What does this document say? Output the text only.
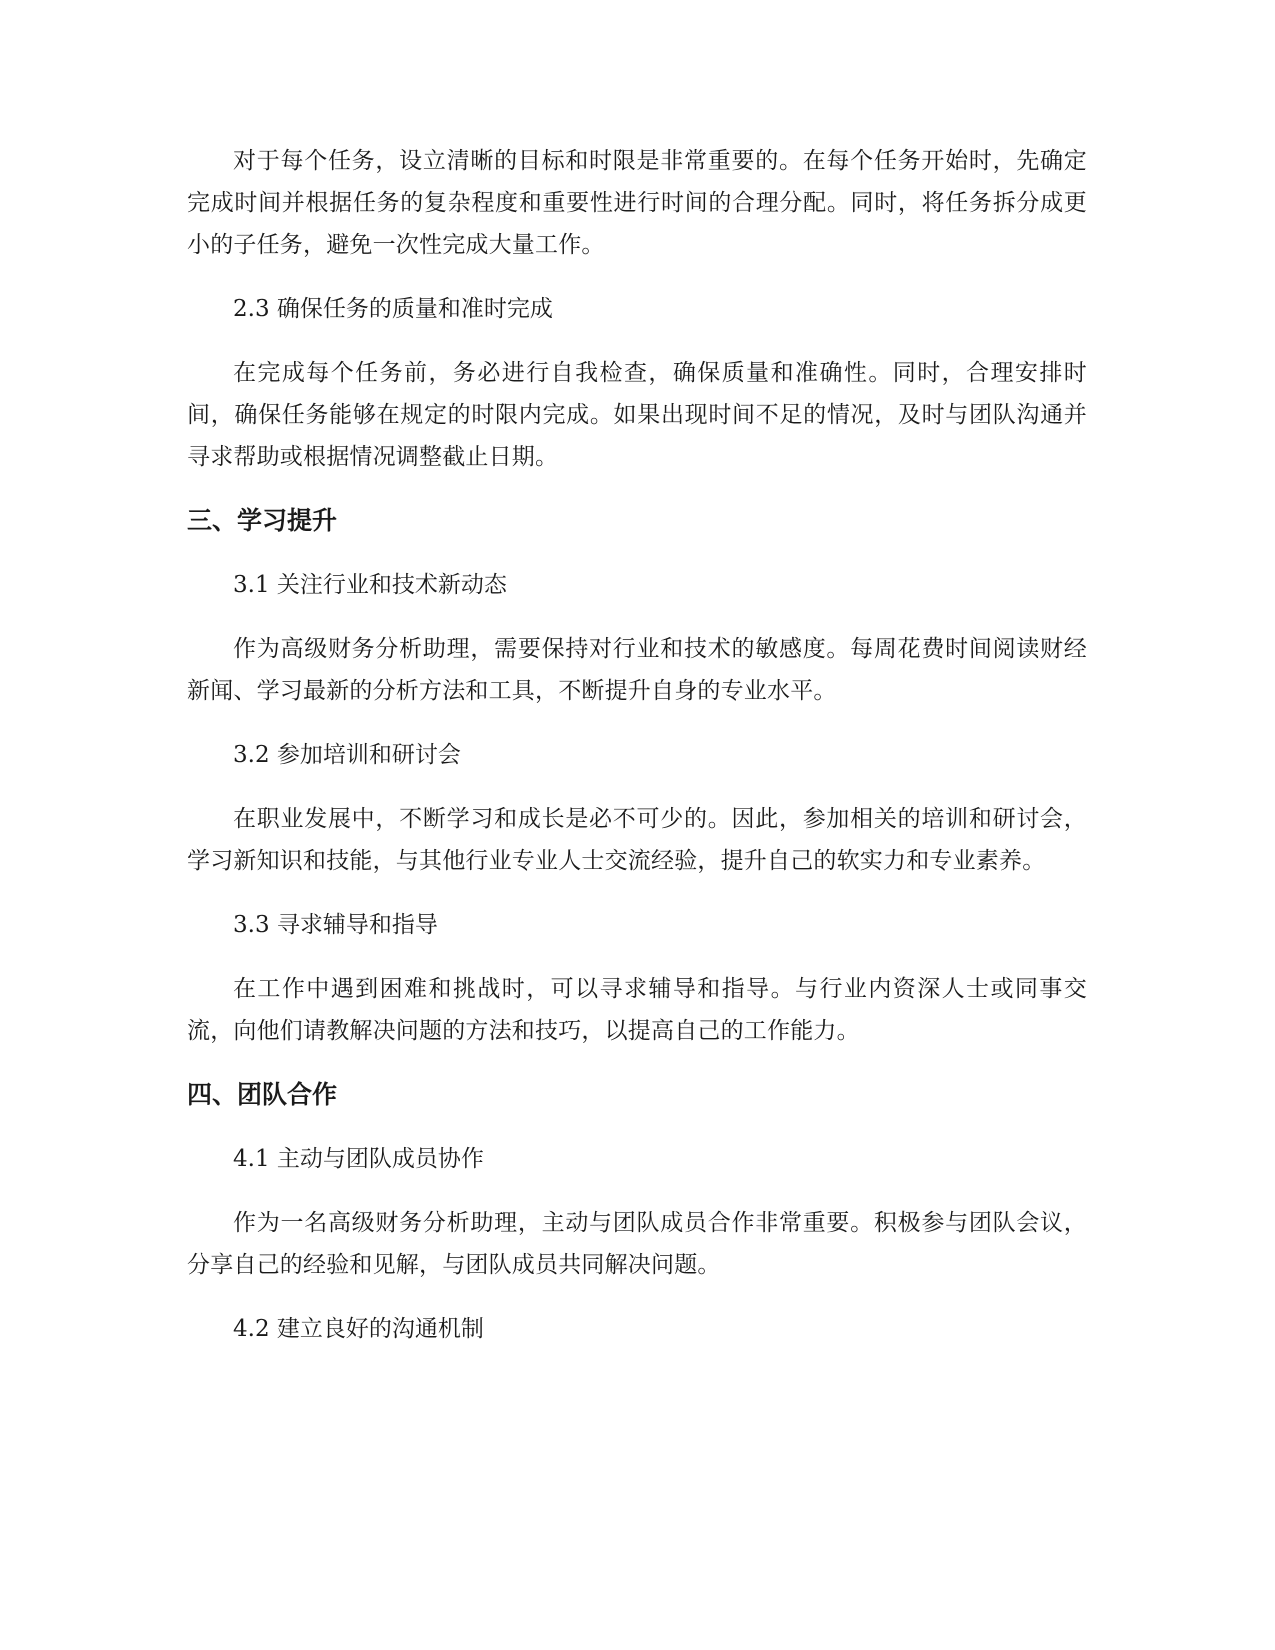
对于每个任务，设立清晰的目标和时限是非常重要的。在每个任务开始时，先确定完成时间并根据任务的复杂程度和重要性进行时间的合理分配。同时，将任务拆分成更小的子任务，避免一次性完成大量工作。

2.3 确保任务的质量和准时完成

在完成每个任务前，务必进行自我检查，确保质量和准确性。同时，合理安排时间，确保任务能够在规定的时限内完成。如果出现时间不足的情况，及时与团队沟通并寻求帮助或根据情况调整截止日期。

三、学习提升

3.1 关注行业和技术新动态

作为高级财务分析助理，需要保持对行业和技术的敏感度。每周花费时间阅读财经新闻、学习最新的分析方法和工具，不断提升自身的专业水平。

3.2 参加培训和研讨会

在职业发展中，不断学习和成长是必不可少的。因此，参加相关的培训和研讨会，学习新知识和技能，与其他行业专业人士交流经验，提升自己的软实力和专业素养。

3.3 寻求辅导和指导

在工作中遇到困难和挑战时，可以寻求辅导和指导。与行业内资深人士或同事交流，向他们请教解决问题的方法和技巧，以提高自己的工作能力。

四、团队合作

4.1 主动与团队成员协作

作为一名高级财务分析助理，主动与团队成员合作非常重要。积极参与团队会议，分享自己的经验和见解，与团队成员共同解决问题。

4.2 建立良好的沟通机制
